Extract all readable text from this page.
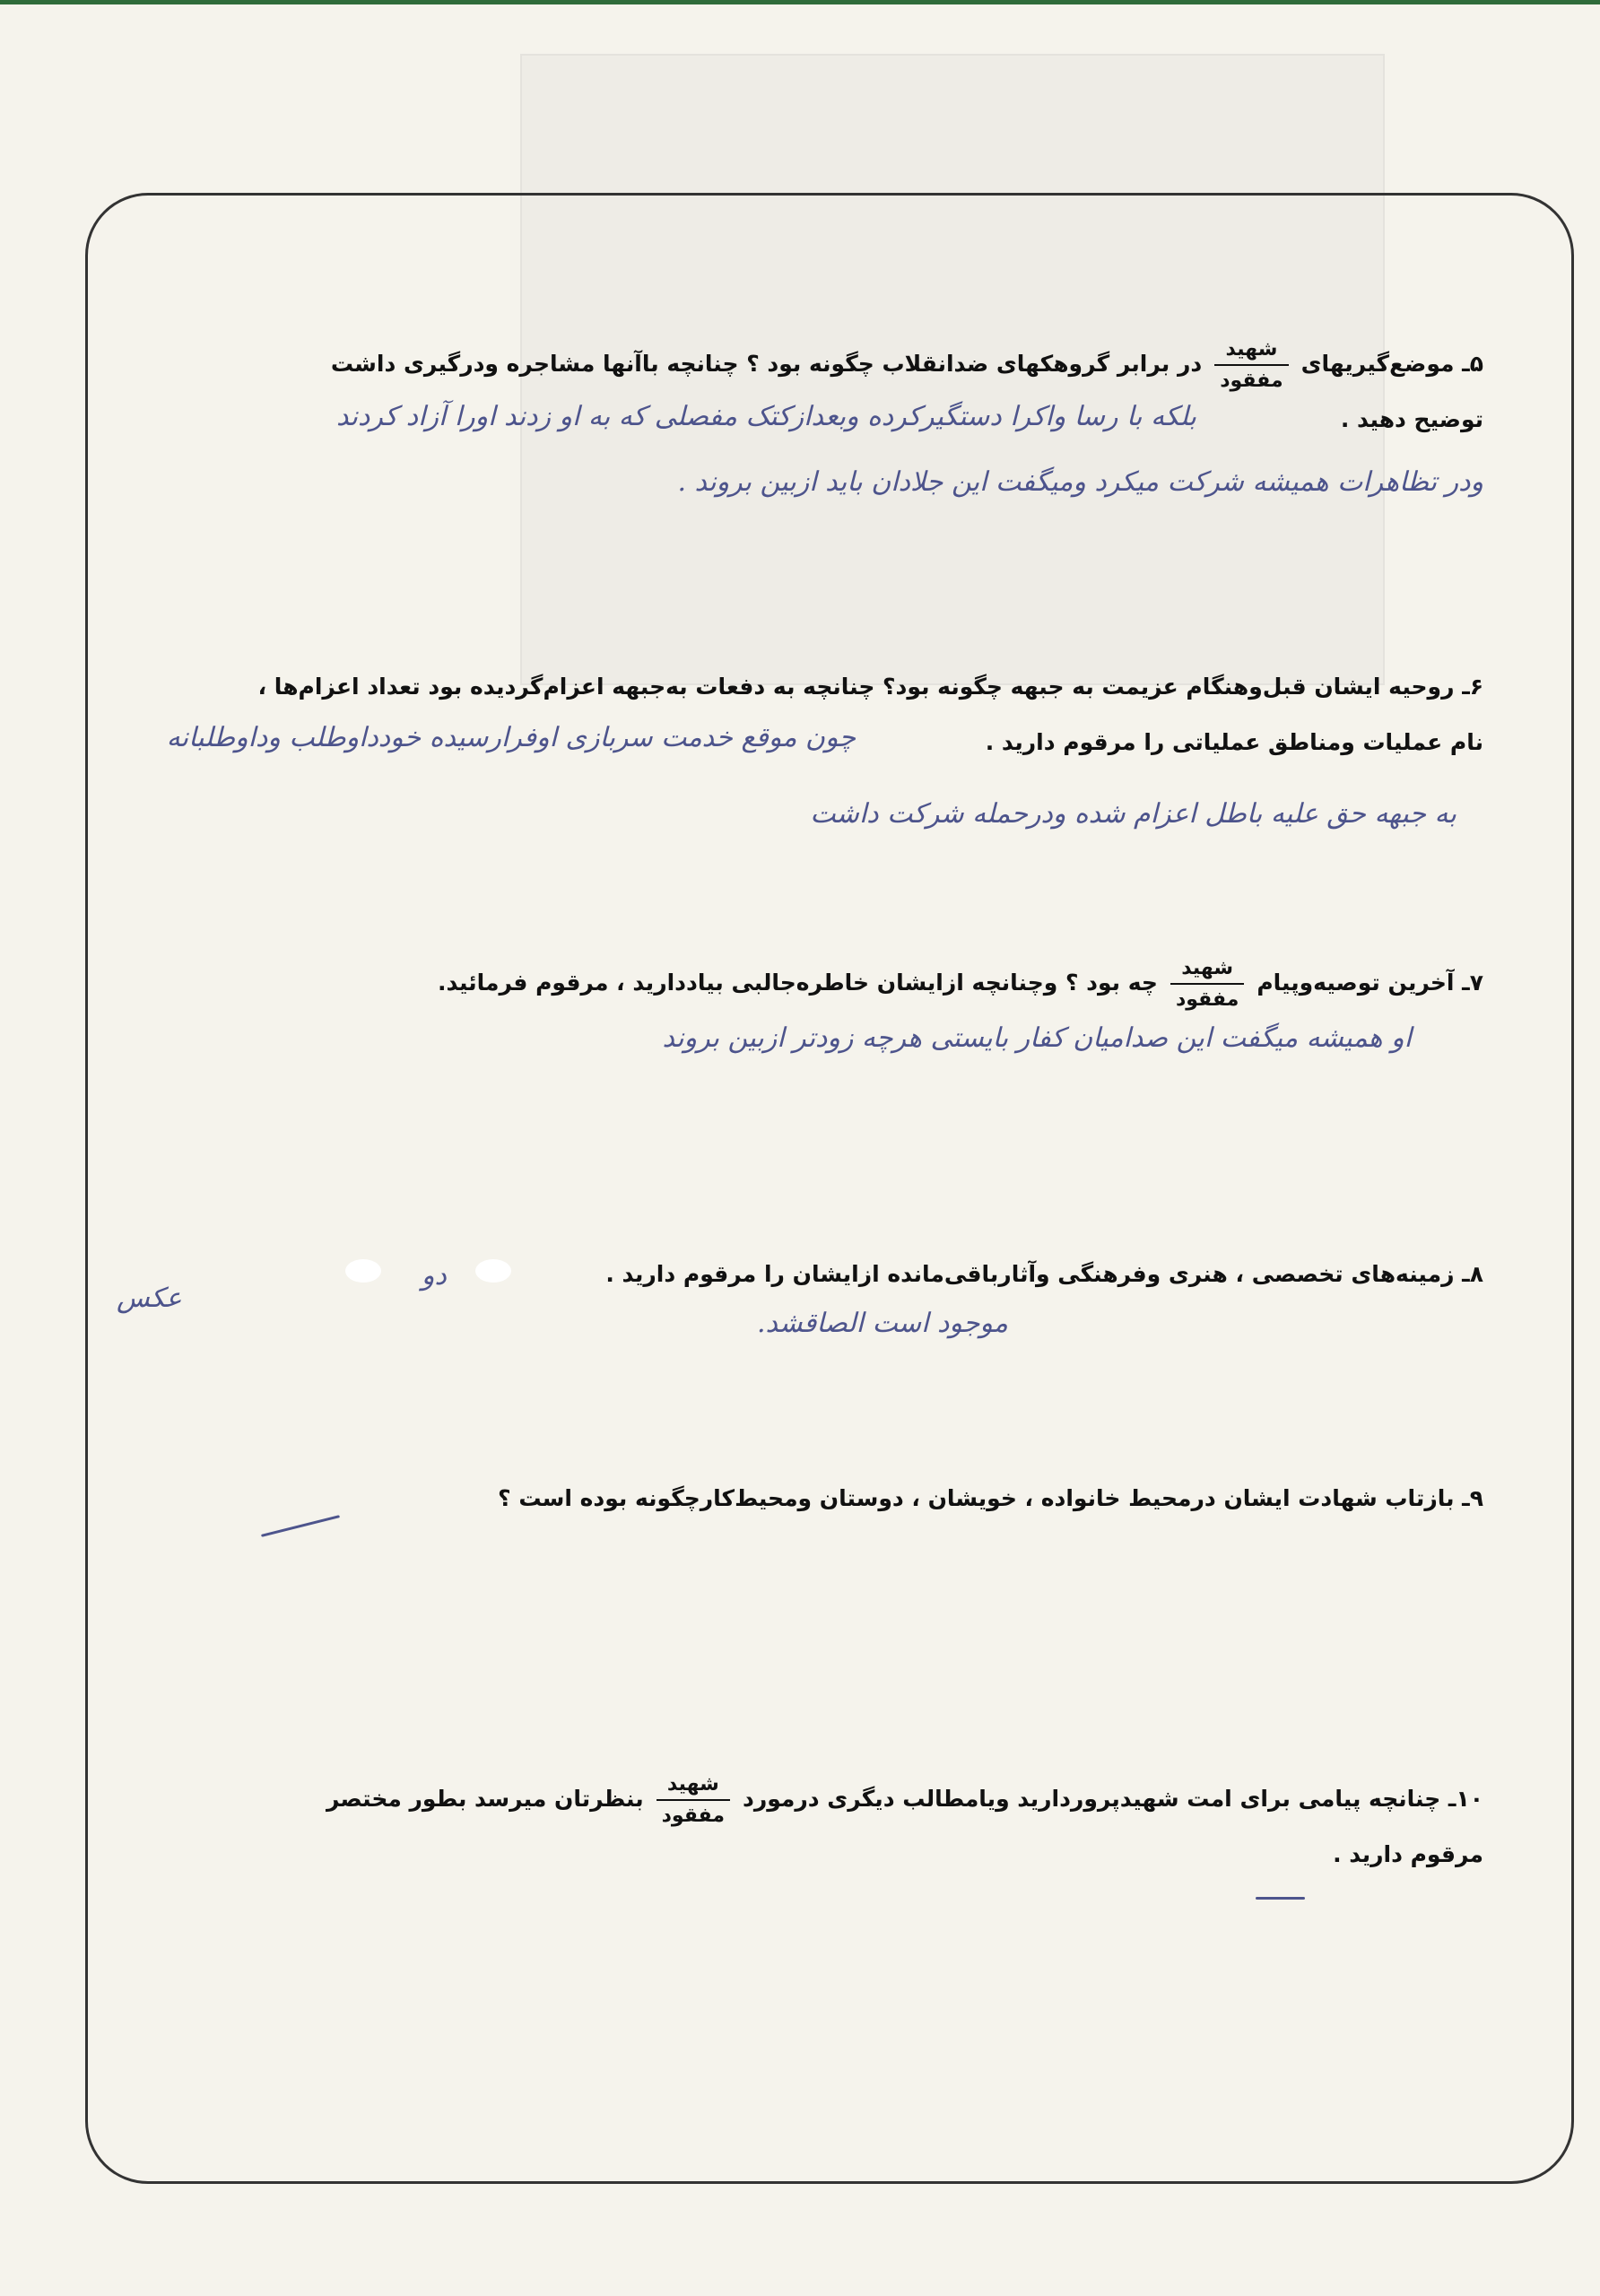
۵ـ موضع‌گیریهای
$\frac{\text{شهید}}{\text{مفقود}}$
در برابر گروهکهای ضدانقلاب چگونه بود ؟ چنانچه باآنها مشاجره ودرگیری داشت
توضیح دهید .
بلکه با رسا واکرا دستگیرکرده وبعدازکتک مفصلی که به او زدند اورا آزاد کردند
ودر تظاهرات همیشه شرکت میکرد ومیگفت این جلادان باید ازبین بروند .
۶ـ روحیه ایشان قبل‌وهنگام عزیمت به جبهه چگونه بود؟ چنانچه به دفعات به‌جبهه اعزام‌گردیده بود تعداد اعزام‌ها ،
نام عملیات ومناطق عملیاتی را مرقوم دارید .
چون موقع خدمت سربازی اوفرارسیده خودداوطلب وداوطلبانه
به جبهه حق علیه باطل اعزام شده ودرحمله شرکت داشت
۷ـ آخرین توصیه‌وپیام
$\frac{\text{شهید}}{\text{مفقود}}$
چه بود ؟ وچنانچه ازایشان خاطره‌جالبی بیاددارید ، مرقوم فرمائید.
او همیشه میگفت این صدامیان کفار بایستی هرچه زودتر ازبین بروند
۸ـ زمینه‌های تخصصی ، هنری وفرهنگی وآثارباقی‌مانده ازایشان را مرقوم دارید .
دو
عکس
موجود است الصاقشد.
۹ـ بازتاب شهادت ایشان درمحیط خانواده ، خویشان ، دوستان ومحیط‌کارچگونه بوده است ؟
۱۰ـ چنانچه پیامی برای امت شهیدپروردارید ویامطالب دیگری درمورد
$\frac{\text{شهید}}{\text{مفقود}}$
بنظرتان میرسد بطور مختصر
مرقوم دارید .
